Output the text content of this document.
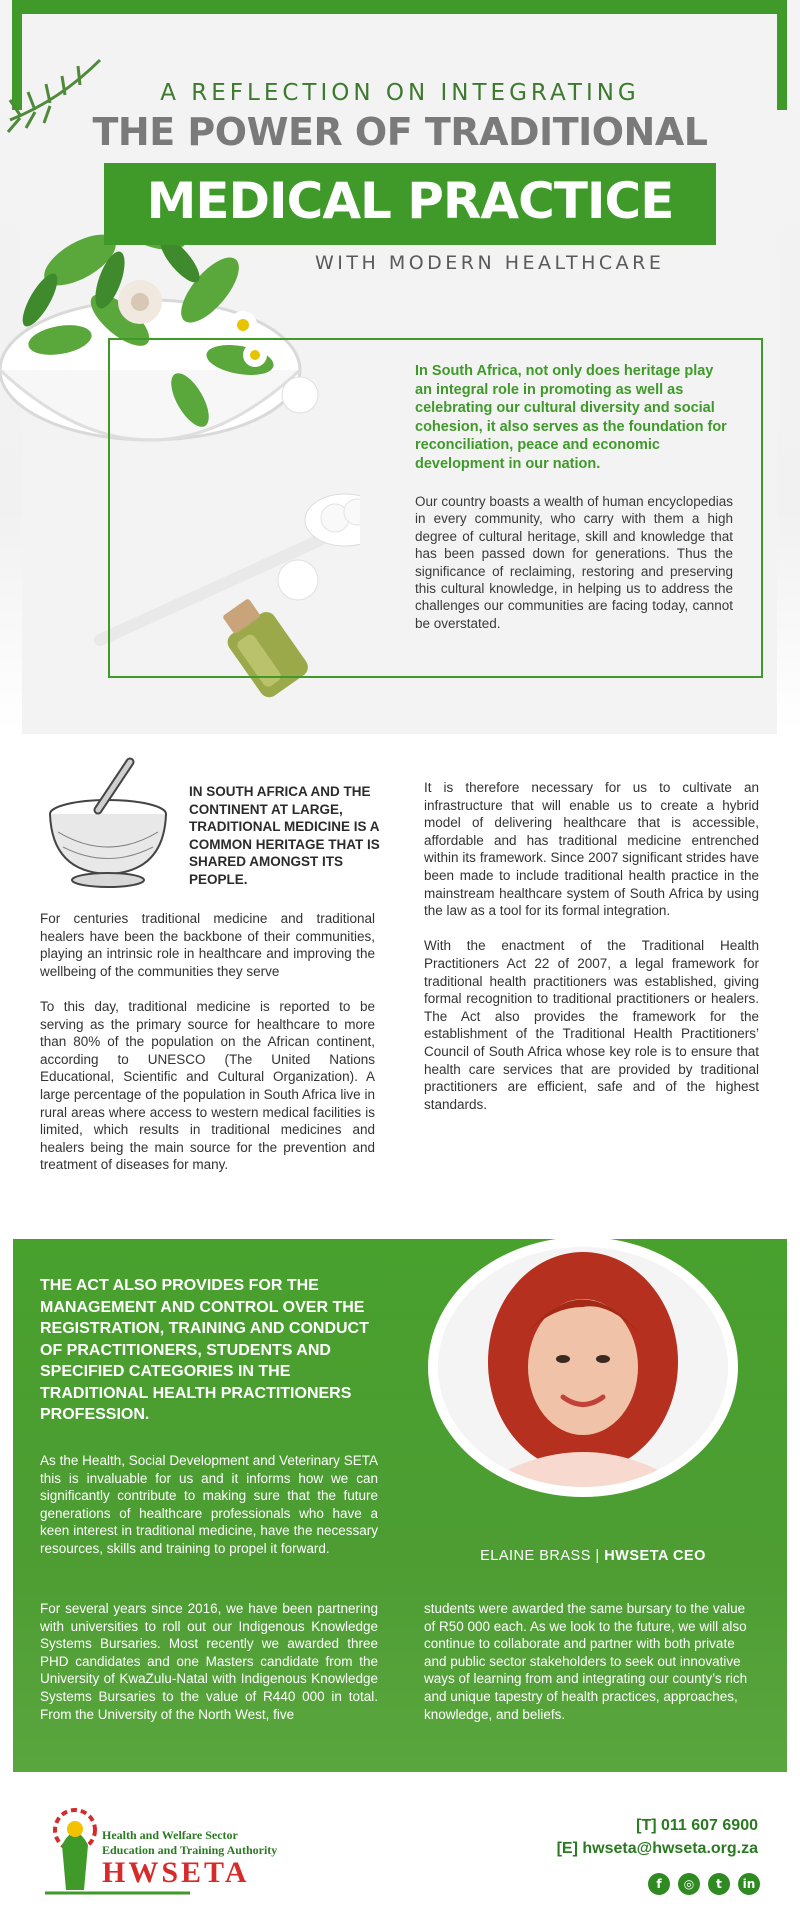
A REFLECTION ON INTEGRATING
THE POWER OF TRADITIONAL
MEDICAL PRACTICE
WITH MODERN HEALTHCARE
In South Africa, not only does heritage play an integral role in promoting as well as celebrating our cultural diversity and social cohesion, it also serves as the foundation for reconciliation, peace and economic development in our nation.
Our country boasts a wealth of human encyclopedias in every community, who carry with them a high degree of cultural heritage, skill and knowledge that has been passed down for generations. Thus the significance of reclaiming, restoring and preserving this cultural knowledge, in helping us to address the challenges our communities are facing today, cannot be overstated.
IN SOUTH AFRICA AND THE CONTINENT AT LARGE, TRADITIONAL MEDICINE IS A COMMON HERITAGE THAT IS SHARED AMONGST ITS PEOPLE.

For centuries traditional medicine and traditional healers have been the backbone of their communities, playing an intrinsic role in healthcare and improving the wellbeing of the communities they serve

To this day, traditional medicine is reported to be serving as the primary source for healthcare to more than 80% of the population on the African continent, according to UNESCO (The United Nations Educational, Scientific and Cultural Organization). A large percentage of the population in South Africa live in rural areas where access to western medical facilities is limited, which results in traditional medicines and healers being the main source for the prevention and treatment of diseases for many.

It is therefore necessary for us to cultivate an infrastructure that will enable us to create a hybrid model of delivering healthcare that is accessible, affordable and has traditional medicine entrenched within its framework. Since 2007 significant strides have been made to include traditional health practice in the mainstream healthcare system of South Africa by using the law as a tool for its formal integration.

With the enactment of the Traditional Health Practitioners Act 22 of 2007, a legal framework for traditional health practitioners was established, giving formal recognition to traditional practitioners or healers. The Act also provides the framework for the establishment of the Traditional Health Practitioners’ Council of South Africa whose key role is to ensure that health care services that are provided by traditional practitioners are efficient, safe and of the highest standards.

THE ACT ALSO PROVIDES FOR THE MANAGEMENT AND CONTROL OVER THE REGISTRATION, TRAINING AND CONDUCT OF PRACTITIONERS, STUDENTS AND SPECIFIED CATEGORIES IN THE TRADITIONAL HEALTH PRACTITIONERS PROFESSION.
As the Health, Social Development and Veterinary SETA this is invaluable for us and it informs how we can significantly contribute to making sure that the future generations of healthcare professionals who have a keen interest in traditional medicine, have the necessary resources, skills and training to propel it forward.
For several years since 2016, we have been partnering with universities to roll out our Indigenous Knowledge Systems Bursaries. Most recently we awarded three PHD candidates and one Masters candidate from the University of KwaZulu-Natal with Indigenous Knowledge Systems Bursaries to the value of R440 000 in total. From the University of the North West, five
students were awarded the same bursary to the value of R50 000 each. As we look to the future, we will also continue to collaborate and partner with both private and public sector stakeholders to seek out innovative ways of learning from and integrating our county’s rich and unique tapestry of health practices, approaches, knowledge, and beliefs.
ELAINE BRASS | HWSETA CEO
Health and Welfare Sector
Education and Training Authority
HWSETA
[T] 011 607 6900
[E] hwseta@hwseta.org.za
f	◎	t	in
